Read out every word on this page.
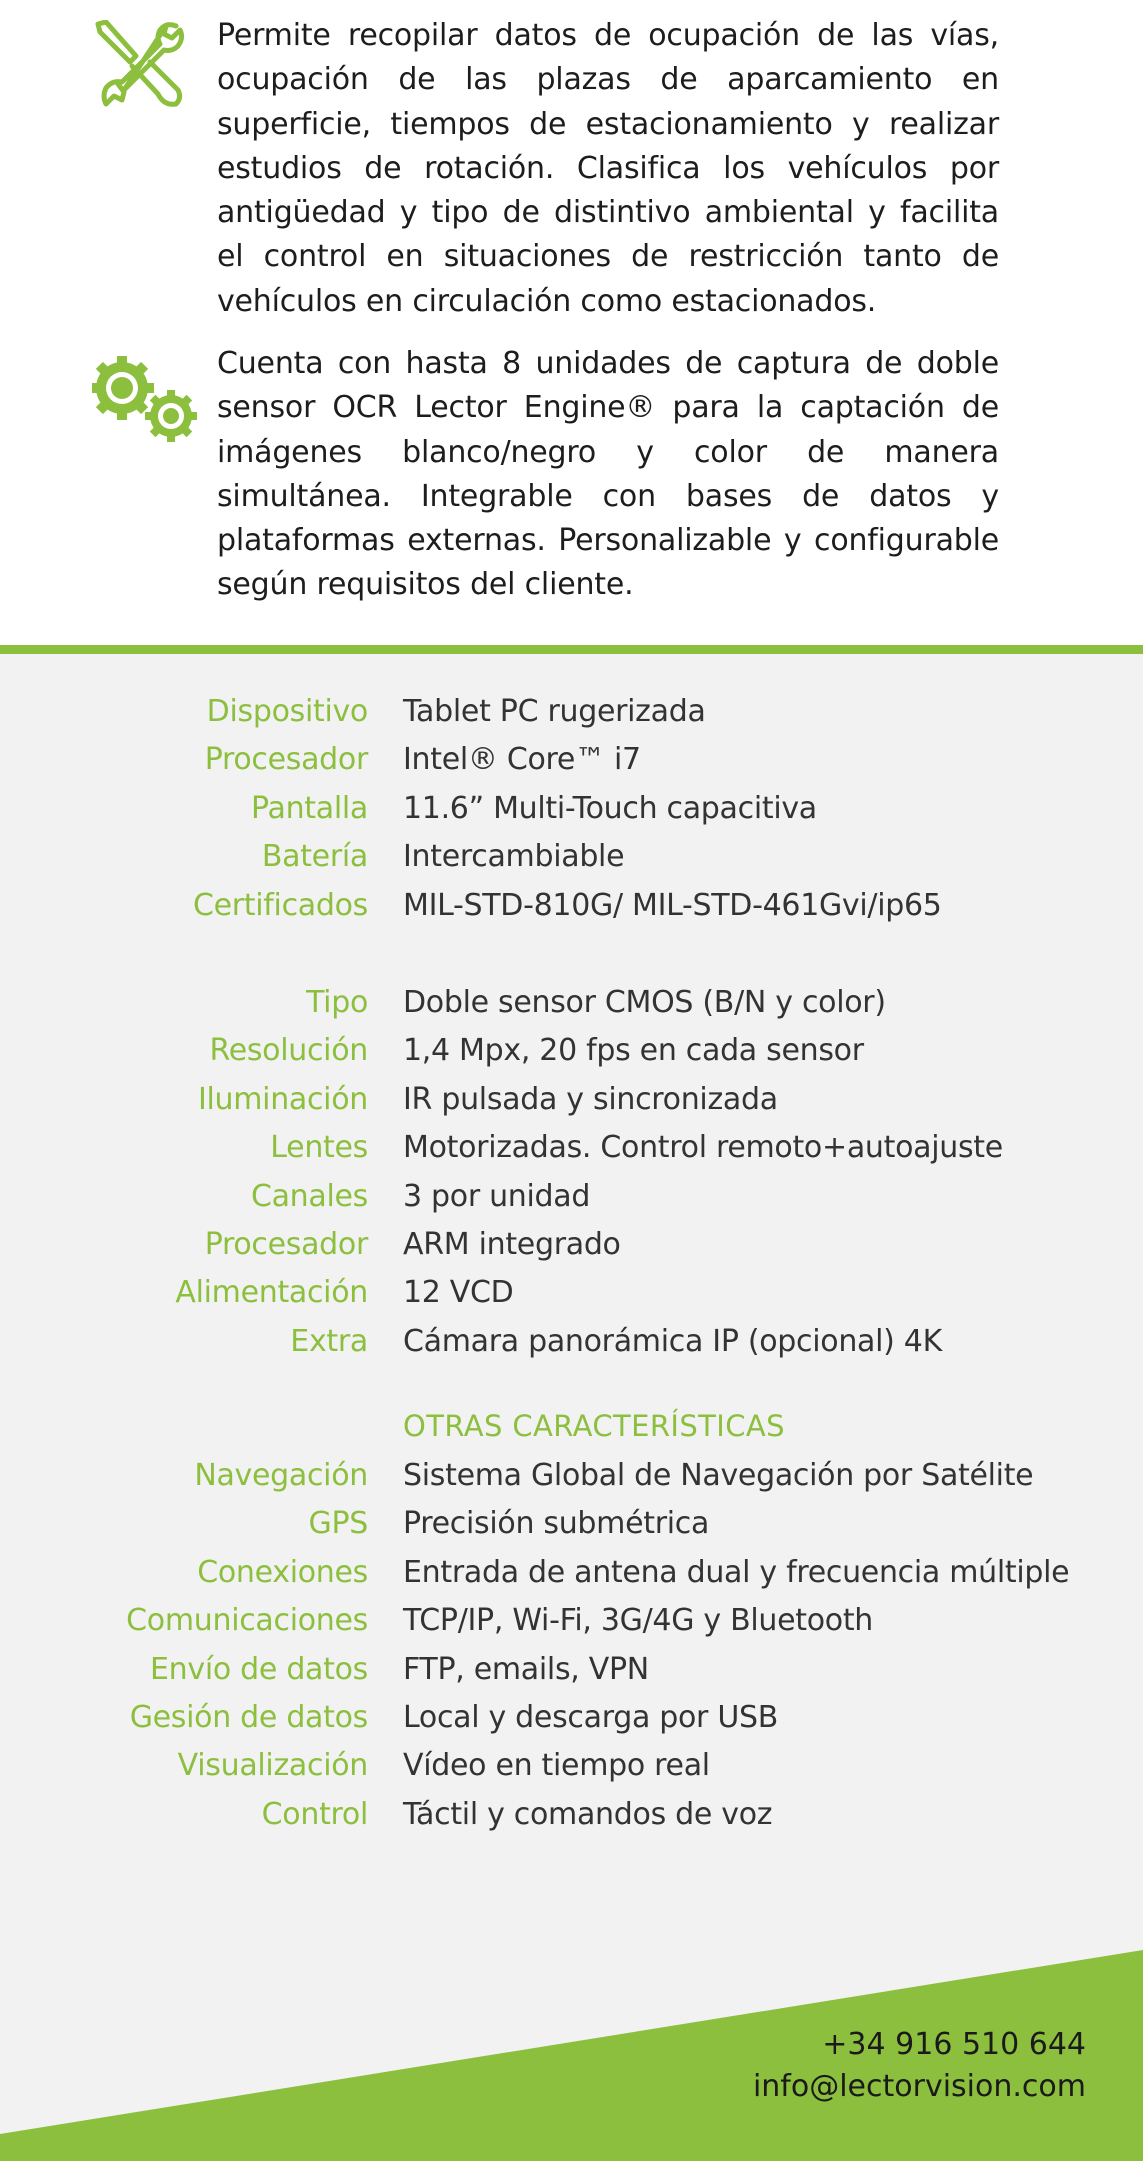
Permite recopilar datos de ocupación de las vías, ocupación de las plazas de aparcamiento en superficie, tiempos de estacionamiento y realizar estudios de rotación. Clasifica los vehículos por antigüedad y tipo de distintivo ambiental y facilita el control en situaciones de restricción tanto de vehículos en circulación como estacionados.

Cuenta con hasta 8 unidades de captura de doble sensor OCR Lector Engine® para la captación de imágenes blanco/negro y color de manera simultánea. Integrable con bases de datos y plataformas externas. Personalizable y configurable según requisitos del cliente.

Dispositivo Tablet PC rugerizada
Procesador Intel® Core™ i7
Pantalla 11.6” Multi-Touch capacitiva
Batería Intercambiable
Certificados MIL-STD-810G/ MIL-STD-461Gvi/ip65
Tipo Doble sensor CMOS (B/N y color)
Resolución 1,4 Mpx, 20 fps en cada sensor
Iluminación IR pulsada y sincronizada
Lentes Motorizadas. Control remoto+autoajuste
Canales 3 por unidad
Procesador ARM integrado
Alimentación 12 VCD
Extra Cámara panorámica IP (opcional) 4K
Navegación Sistema Global de Navegación por Satélite
GPS Precisión submétrica
Conexiones Entrada de antena dual y frecuencia múltiple
Comunicaciones TCP/IP, Wi-Fi, 3G/4G y Bluetooth
Envío de datos FTP, emails, VPN
Gesión de datos Local y descarga por USB
Visualización Vídeo en tiempo real
Control Táctil y comandos de voz
OTRAS CARACTERÍSTICAS
+34 916 510 644
info@lectorvision.com
